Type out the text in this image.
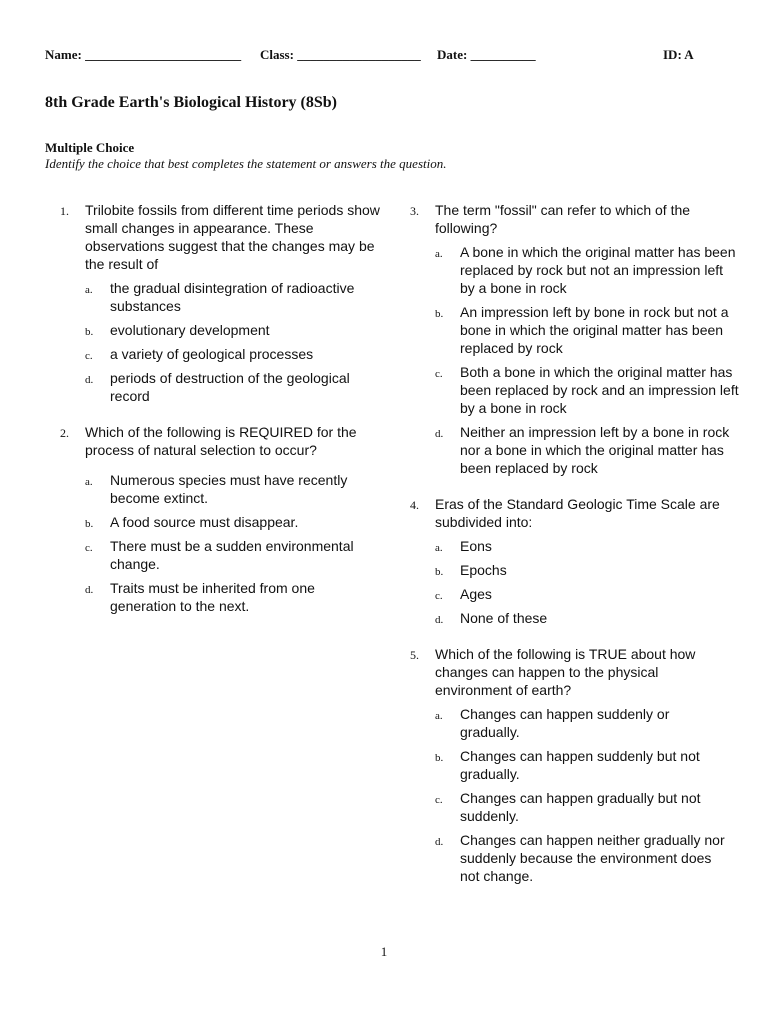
Name: ________________________ Class: ___________________ Date: __________	ID: A
8th Grade Earth's Biological History (8Sb)
Multiple Choice
Identify the choice that best completes the statement or answers the question.
1. Trilobite fossils from different time periods show small changes in appearance. These observations suggest that the changes may be the result of
a. the gradual disintegration of radioactive substances
b. evolutionary development
c. a variety of geological processes
d. periods of destruction of the geological record
2. Which of the following is REQUIRED for the process of natural selection to occur?
a. Numerous species must have recently become extinct.
b. A food source must disappear.
c. There must be a sudden environmental change.
d. Traits must be inherited from one generation to the next.
3. The term "fossil" can refer to which of the following?
a. A bone in which the original matter has been replaced by rock but not an impression left by a bone in rock
b. An impression left by bone in rock but not a bone in which the original matter has been replaced by rock
c. Both a bone in which the original matter has been replaced by rock and an impression left by a bone in rock
d. Neither an impression left by a bone in rock nor a bone in which the original matter has been replaced by rock
4. Eras of the Standard Geologic Time Scale are subdivided into:
a. Eons
b. Epochs
c. Ages
d. None of these
5. Which of the following is TRUE about how changes can happen to the physical environment of earth?
a. Changes can happen suddenly or gradually.
b. Changes can happen suddenly but not gradually.
c. Changes can happen gradually but not suddenly.
d. Changes can happen neither gradually nor suddenly because the environment does not change.
1
